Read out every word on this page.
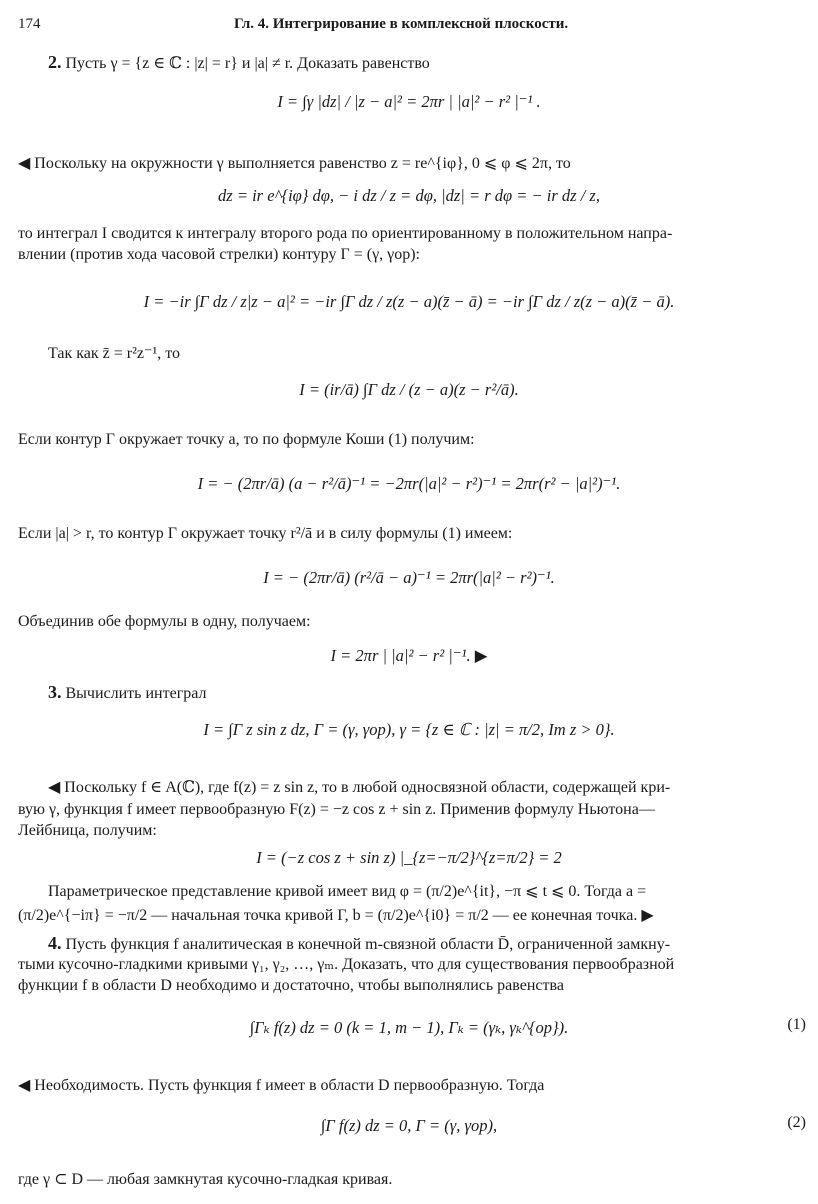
174	Гл. 4. Интегрирование в комплексной плоскости.
2. Пусть γ = {z ∈ ℂ : |z| = r} и |a| ≠ r. Доказать равенство
I = ∫γ |dz| / |z − a|² = 2πr | |a|² − r² |⁻¹ .
◀ Поскольку на окружности γ выполняется равенство z = re^{iφ}, 0 ⩽ φ ⩽ 2π, то
dz = ir e^{iφ} dφ, − i dz / z = dφ, |dz| = r dφ = − ir dz / z,
то интеграл I сводится к интегралу второго рода по ориентированному в положительном напра-
влении (против хода часовой стрелки) контуру Γ = (γ, γор):
I = −ir ∫Γ dz / z|z − a|² = −ir ∫Γ dz / z(z − a)(z̄ − ā) = −ir ∫Γ dz / z(z − a)(z̄ − ā).
Так как z̄ = r²z⁻¹, то
I = (ir/ā) ∫Γ dz / (z − a)(z − r²/ā).
Если контур Γ окружает точку a, то по формуле Коши (1) получим:
I = − (2πr/ā) (a − r²/ā)⁻¹ = −2πr(|a|² − r²)⁻¹ = 2πr(r² − |a|²)⁻¹.
Если |a| > r, то контур Γ окружает точку r²/ā и в силу формулы (1) имеем:
I = − (2πr/ā) (r²/ā − a)⁻¹ = 2πr(|a|² − r²)⁻¹.
Объединив обе формулы в одну, получаем:
I = 2πr | |a|² − r² |⁻¹. ▶
3. Вычислить интеграл
I = ∫Γ z sin z dz, Γ = (γ, γор), γ = {z ∈ ℂ : |z| = π/2, Im z > 0}.
◀ Поскольку f ∈ A(ℂ), где f(z) = z sin z, то в любой односвязной области, содержащей кри-
вую γ, функция f имеет первообразную F(z) = −z cos z + sin z. Применив формулу Ньютона—
Лейбница, получим:
I = (−z cos z + sin z) |_{z=−π/2}^{z=π/2} = 2
Параметрическое представление кривой имеет вид φ = (π/2)e^{it}, −π ⩽ t ⩽ 0. Тогда a =
(π/2)e^{−iπ} = −π/2 — начальная точка кривой Γ, b = (π/2)e^{i0} = π/2 — ее конечная точка. ▶
4. Пусть функция f аналитическая в конечной m-связной области D̄, ограниченной замкну-
тыми кусочно-гладкими кривыми γ₁, γ₂, …, γₘ. Доказать, что для существования первообразной
функции f в области D необходимо и достаточно, чтобы выполнялись равенства
∫Γₖ f(z) dz = 0 (k = 1, m − 1), Γₖ = (γₖ, γₖ^{ор}).	(1)
◀ Необходимость. Пусть функция f имеет в области D первообразную. Тогда
∫Γ f(z) dz = 0, Γ = (γ, γор),	(2)
где γ ⊂ D — любая замкнутая кусочно-гладкая кривая.
